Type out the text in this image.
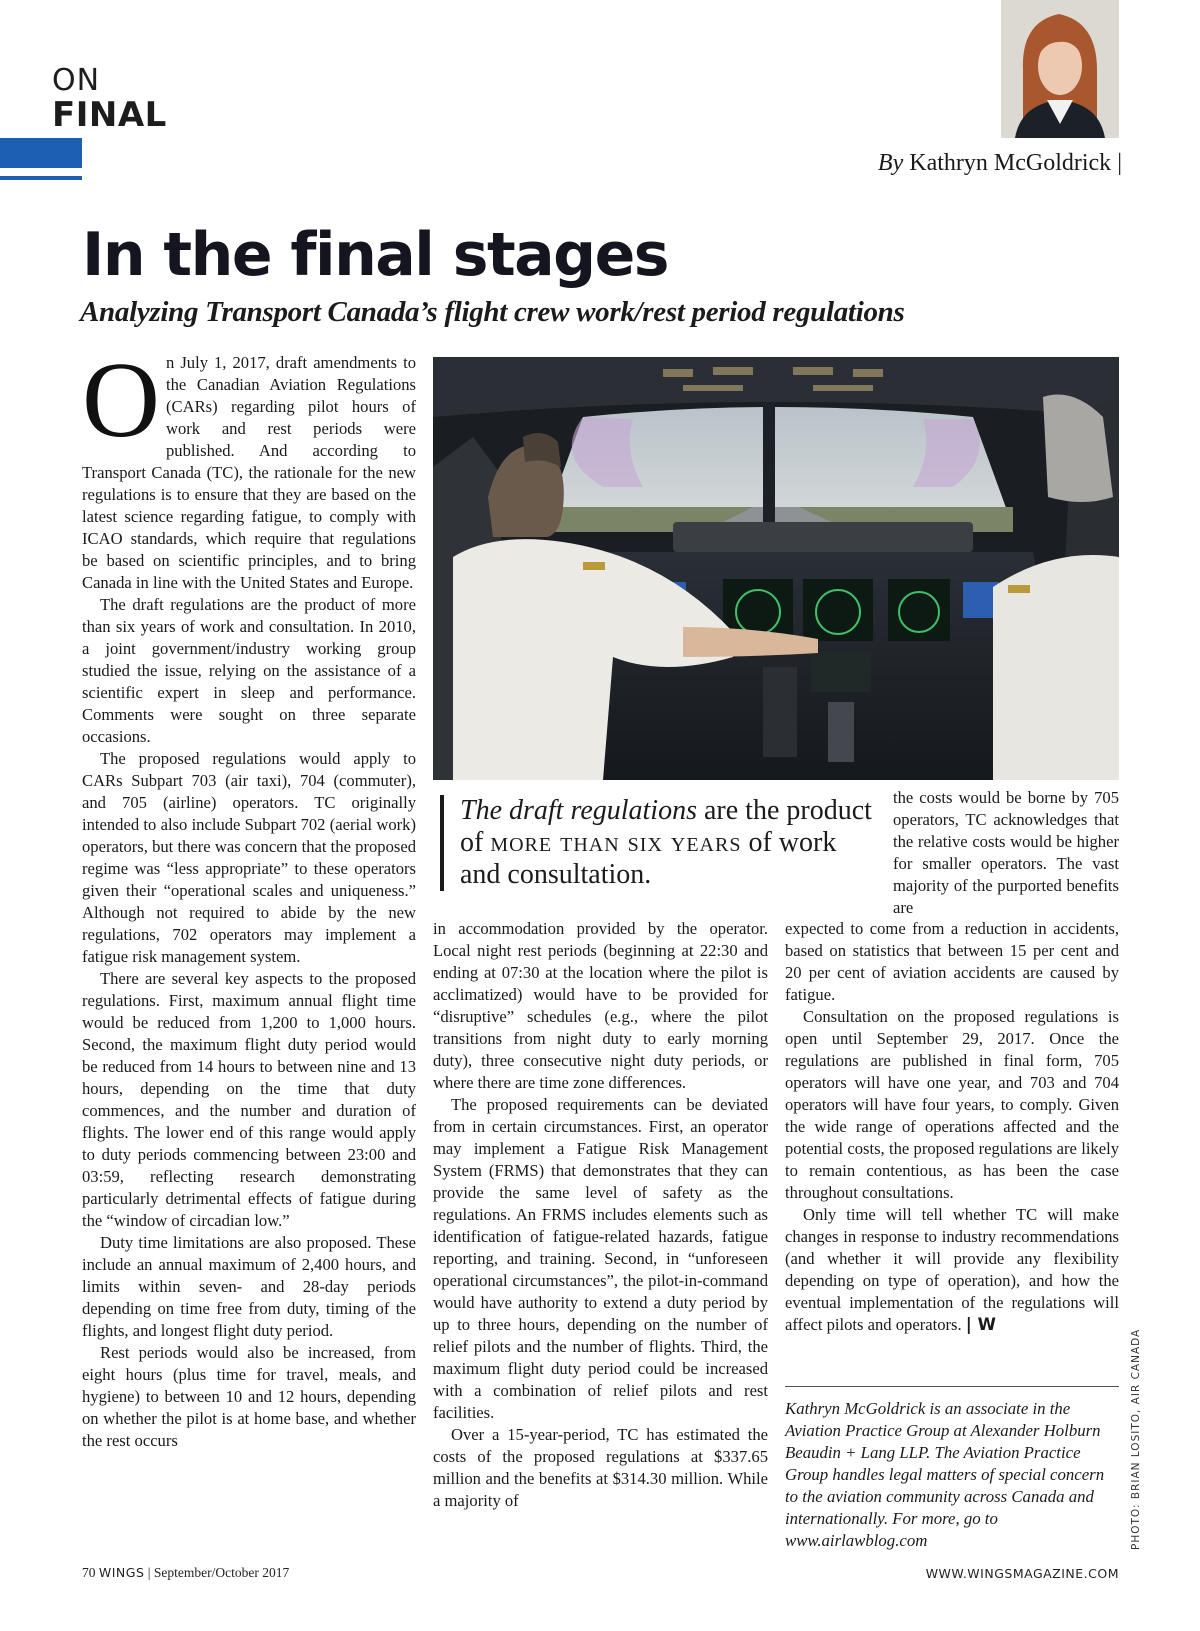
ON
FINAL
By Kathryn McGoldrick |
In the final stages
Analyzing Transport Canada’s flight crew work/rest period regulations

On July 1, 2017, draft amendments to the Canadian Aviation Regulations (CARs) regarding pilot hours of work and rest periods were published. And according to Transport Canada (TC), the rationale for the new regulations is to ensure that they are based on the latest science regarding fatigue, to comply with ICAO standards, which require that regulations be based on scientific principles, and to bring Canada in line with the United States and Europe.

The draft regulations are the product of more than six years of work and consultation. In 2010, a joint government/industry working group studied the issue, relying on the assistance of a scientific expert in sleep and performance. Comments were sought on three separate occasions.

The proposed regulations would apply to CARs Subpart 703 (air taxi), 704 (commuter), and 705 (airline) operators. TC originally intended to also include Subpart 702 (aerial work) operators, but there was concern that the proposed regime was “less appropriate” to these operators given their “operational scales and uniqueness.” Although not required to abide by the new regulations, 702 operators may implement a fatigue risk management system.

There are several key aspects to the proposed regulations. First, maximum annual flight time would be reduced from 1,200 to 1,000 hours. Second, the maximum flight duty period would be reduced from 14 hours to between nine and 13 hours, depending on the time that duty commences, and the number and duration of flights. The lower end of this range would apply to duty periods commencing between 23:00 and 03:59, reflecting research demonstrating particularly detrimental effects of fatigue during the “window of circadian low.”

Duty time limitations are also proposed. These include an annual maximum of 2,400 hours, and limits within seven- and 28-day periods depending on time free from duty, timing of the flights, and longest flight duty period.

Rest periods would also be increased, from eight hours (plus time for travel, meals, and hygiene) to between 10 and 12 hours, depending on whether the pilot is at home base, and whether the rest occurs

The draft regulations are the product of more than six years of work and consultation.
the costs would be borne by 705 operators, TC acknowledges that the relative costs would be higher for smaller operators. The vast majority of the purported benefits are

in accommodation provided by the operator. Local night rest periods (beginning at 22:30 and ending at 07:30 at the location where the pilot is acclimatized) would have to be provided for “disruptive” schedules (e.g., where the pilot transitions from night duty to early morning duty), three consecutive night duty periods, or where there are time zone differences.

The proposed requirements can be deviated from in certain circumstances. First, an operator may implement a Fatigue Risk Management System (FRMS) that demonstrates that they can provide the same level of safety as the regulations. An FRMS includes elements such as identification of fatigue-related hazards, fatigue reporting, and training. Second, in “unforeseen operational circumstances”, the pilot-in-command would have authority to extend a duty period by up to three hours, depending on the number of relief pilots and the number of flights. Third, the maximum flight duty period could be increased with a combination of relief pilots and rest facilities.

Over a 15-year-period, TC has estimated the costs of the proposed regulations at $337.65 million and the benefits at $314.30 million. While a majority of

expected to come from a reduction in accidents, based on statistics that between 15 per cent and 20 per cent of aviation accidents are caused by fatigue.

Consultation on the proposed regulations is open until September 29, 2017. Once the regulations are published in final form, 705 operators will have one year, and 703 and 704 operators will have four years, to comply. Given the wide range of operations affected and the potential costs, the proposed regulations are likely to remain contentious, as has been the case throughout consultations.

Only time will tell whether TC will make changes in response to industry recommendations (and whether it will provide any flexibility depending on type of operation), and how the eventual implementation of the regulations will affect pilots and operators. | W

Kathryn McGoldrick is an associate in the Aviation Practice Group at Alexander Holburn Beaudin + Lang LLP. The Aviation Practice Group handles legal matters of special concern to the aviation community across Canada and internationally. For more, go to www.airlawblog.com	PHOTO: BRIAN LOSITO, AIR CANADA
70 WINGS | September/October 2017	WWW.WINGSMAGAZINE.COM
